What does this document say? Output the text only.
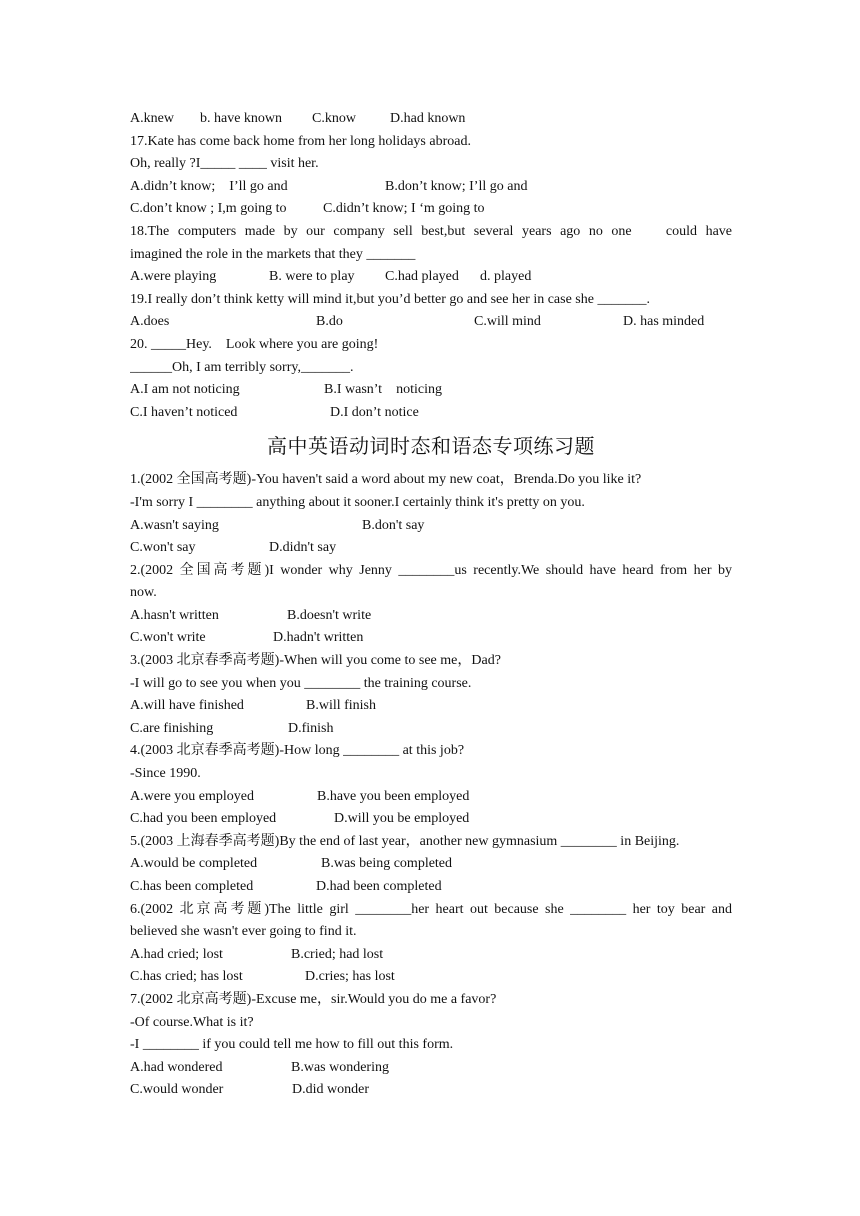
A.knew b. have known C.know D.had known
17.Kate has come back home from her long holidays abroad.
Oh, really ?I_____ ____ visit her.
A.didn’t know;    I’ll go and	B.don’t know; I’ll go and
C.don’t know ; I,m going to	C.didn’t know; I ‘m going to
18.The computers made by our company sell best,but several years ago no one    could have
imagined the role in the markets that they _______
A.were playing	B. were to play C.had played d. played
19.I really don’t think ketty will mind it,but you’d better go and see her in case she _______.
A.does	B.do	C.will mind	D. has minded
20. _____Hey.    Look where you are going!
______Oh, I am terribly sorry,_______.
A.I am not noticing	B.I wasn’t    noticing
C.I haven’t noticed	D.I don’t notice
高中英语动词时态和语态专项练习题
1.(2002 全国高考题)-You haven't said a word about my new coat，Brenda.Do you like it?
-I'm sorry I ________ anything about it sooner.I certainly think it's pretty on you.
A.wasn't saying	B.don't say
C.won't say	D.didn't say
2.(2002 全国高考题)I wonder why Jenny ________us recently.We should have heard from her by
now.
A.hasn't written	B.doesn't write
C.won't write	D.hadn't written
3.(2003 北京春季高考题)-When will you come to see me，Dad?
-I will go to see you when you ________ the training course.
A.will have finished	B.will finish
C.are finishing	D.finish
4.(2003 北京春季高考题)-How long ________ at this job?
-Since 1990.
A.were you employed	B.have you been employed
C.had you been employed	D.will you be employed
5.(2003 上海春季高考题)By the end of last year，another new gymnasium ________ in Beijing.
A.would be completed	B.was being completed
C.has been completed	D.had been completed
6.(2002 北京高考题)The little girl ________her heart out because she ________ her toy bear and
believed she wasn't ever going to find it.
A.had cried; lost	B.cried; had lost
C.has cried; has lost	D.cries; has lost
7.(2002 北京高考题)-Excuse me，sir.Would you do me a favor?
-Of course.What is it?
-I ________ if you could tell me how to fill out this form.
A.had wondered	B.was wondering
C.would wonder	D.did wonder
